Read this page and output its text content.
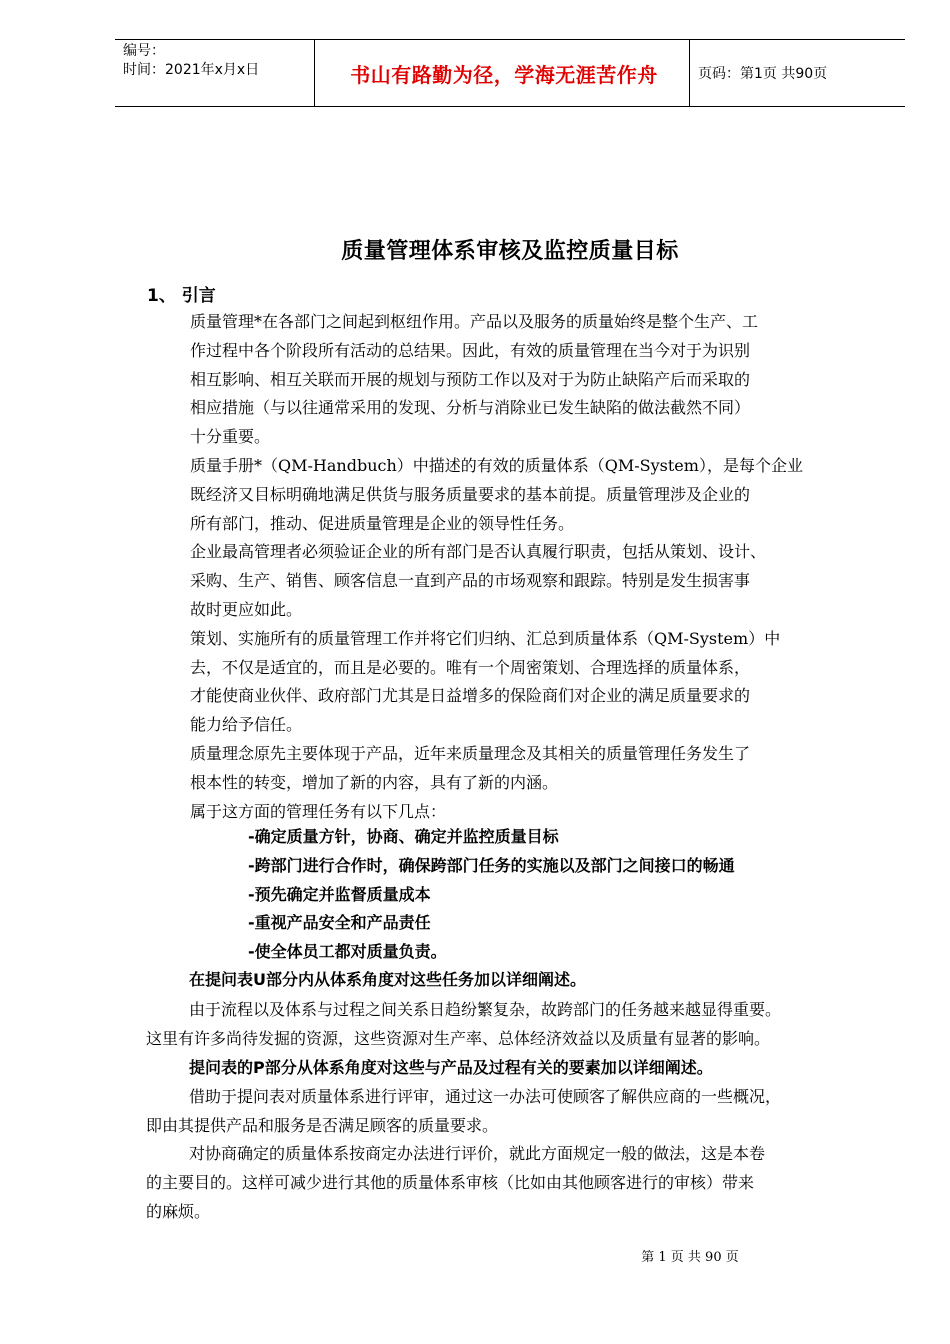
编号：
时间：2021年x月x日	书山有路勤为径，学海无涯苦作舟	页码：第1页 共90页
质量管理体系审核及监控质量目标
1、 引言

质量管理*在各部门之间起到枢纽作用。产品以及服务的质量始终是整个生产、工

作过程中各个阶段所有活动的总结果。因此，有效的质量管理在当今对于为识别

相互影响、相互关联而开展的规划与预防工作以及对于为防止缺陷产后而采取的

相应措施（与以往通常采用的发现、分析与消除业已发生缺陷的做法截然不同）

十分重要。

质量手册*（QM-Handbuch）中描述的有效的质量体系（QM-System），是每个企业

既经济又目标明确地满足供货与服务质量要求的基本前提。质量管理涉及企业的

所有部门，推动、促进质量管理是企业的领导性任务。

企业最高管理者必须验证企业的所有部门是否认真履行职责，包括从策划、设计、

采购、生产、销售、顾客信息一直到产品的市场观察和跟踪。特别是发生损害事

故时更应如此。

策划、实施所有的质量管理工作并将它们归纳、汇总到质量体系（QM-System）中

去，不仅是适宜的，而且是必要的。唯有一个周密策划、合理选择的质量体系，

才能使商业伙伴、政府部门尤其是日益增多的保险商们对企业的满足质量要求的

能力给予信任。

质量理念原先主要体现于产品，近年来质量理念及其相关的质量管理任务发生了

根本性的转变，增加了新的内容，具有了新的内涵。

属于这方面的管理任务有以下几点：

-确定质量方针，协商、确定并监控质量目标
-跨部门进行合作时，确保跨部门任务的实施以及部门之间接口的畅通
-预先确定并监督质量成本
-重视产品安全和产品责任
-使全体员工都对质量负责。
在提问表U部分内从体系角度对这些任务加以详细阐述。
由于流程以及体系与过程之间关系日趋纷繁复杂，故跨部门的任务越来越显得重要。
这里有许多尚待发掘的资源，这些资源对生产率、总体经济效益以及质量有显著的影响。
提问表的P部分从体系角度对这些与产品及过程有关的要素加以详细阐述。
借助于提问表对质量体系进行评审，通过这一办法可使顾客了解供应商的一些概况，
即由其提供产品和服务是否满足顾客的质量要求。
对协商确定的质量体系按商定办法进行评价，就此方面规定一般的做法，这是本卷
的主要目的。这样可减少进行其他的质量体系审核（比如由其他顾客进行的审核）带来
的麻烦。
第 1 页 共 90 页
